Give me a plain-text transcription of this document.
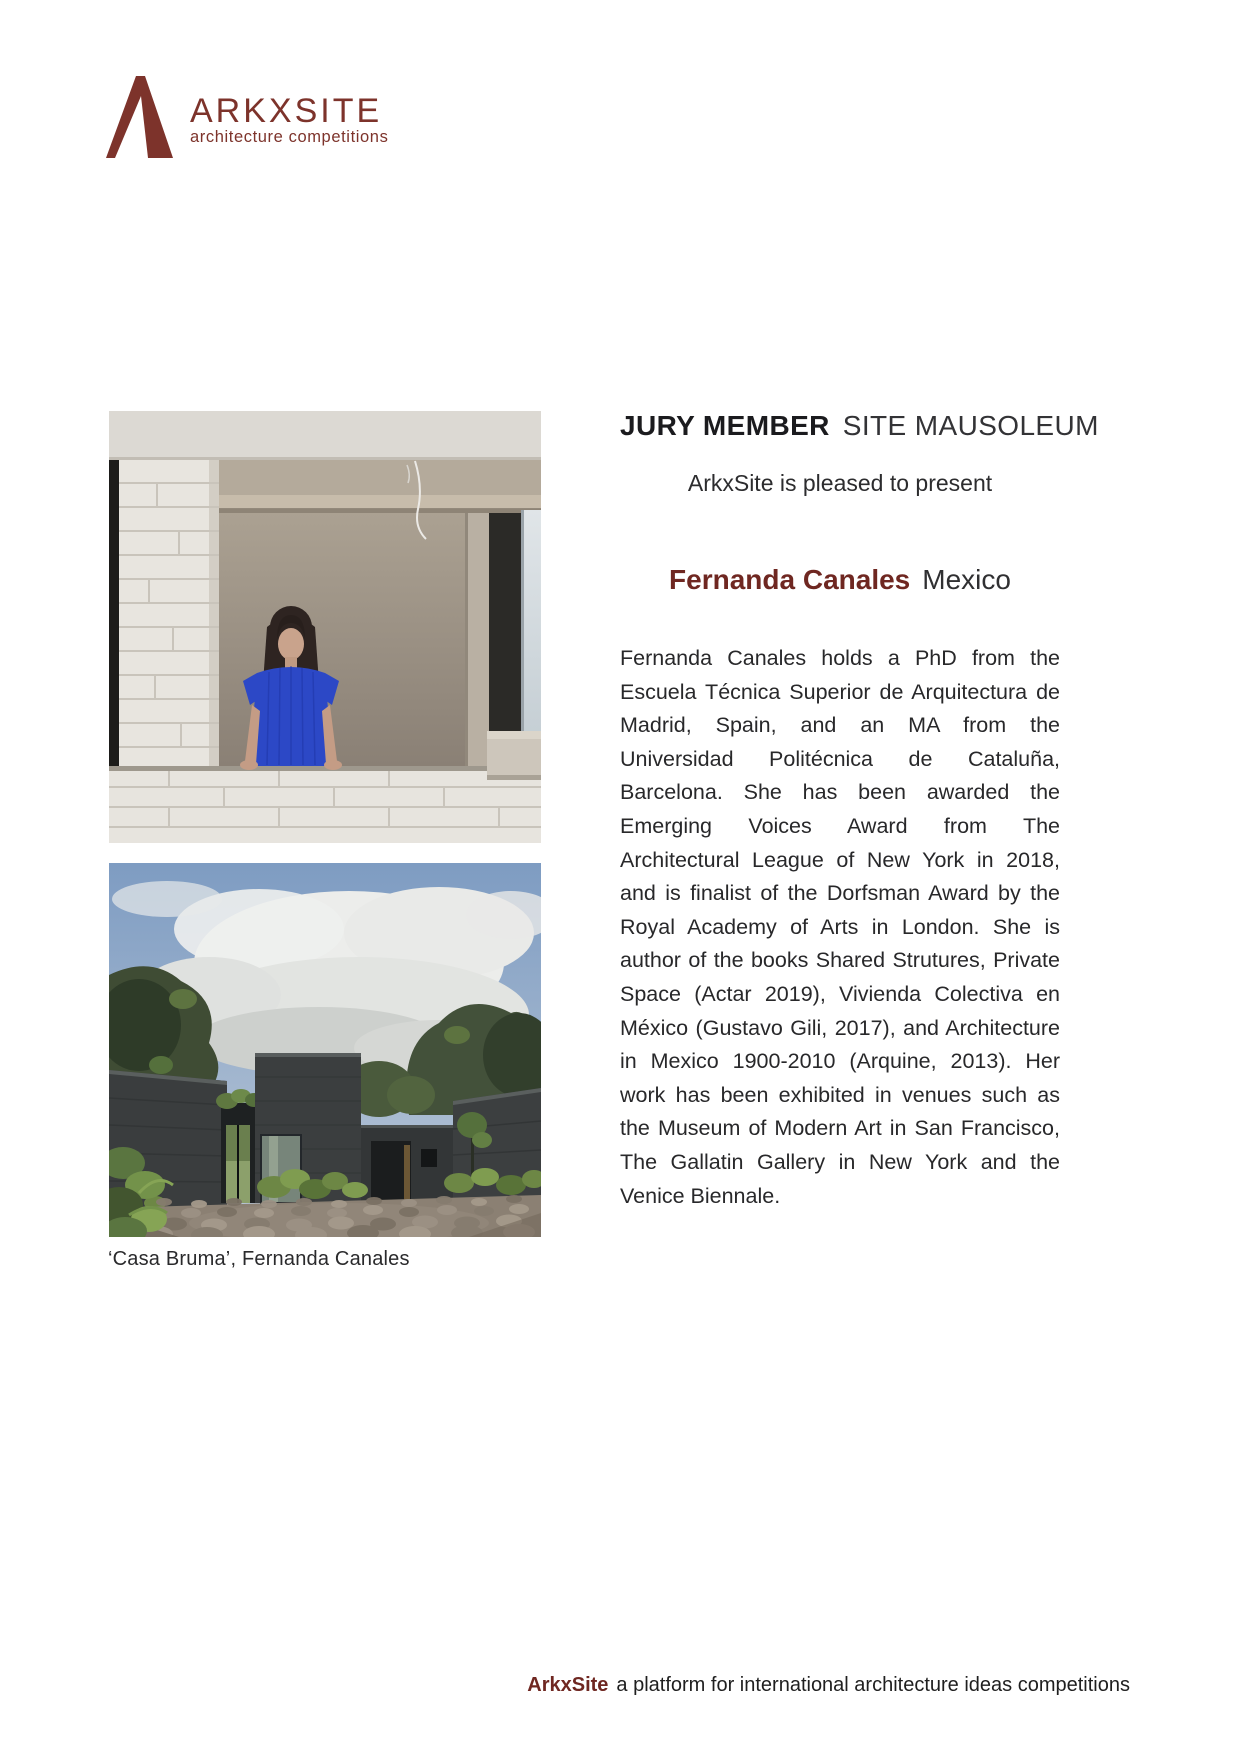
ARKXSITE
architecture competitions
‘Casa Bruma’, Fernanda Canales
JURY MEMBER SITE MAUSOLEUM
ArkxSite is pleased to present
Fernanda Canales Mexico
Fernanda Canales holds a PhD from the Escuela Técnica Superior de Arquitectura de Madrid, Spain, and an MA from the Universidad Politécnica de Cataluña, Barcelona. She has been awarded the Emerging Voices Award from The Architectural League of New York in 2018, and is finalist of the Dorfsman Award by the Royal Academy of Arts in London. She is author of the books Shared Strutures, Private Space (Actar 2019), Vivienda Colectiva en México (Gustavo Gili, 2017), and Architecture in Mexico 1900-2010 (Arquine, 2013). Her work has been exhibited in venues such as the Museum of Modern Art in San Francisco, The Gallatin Gallery in New York and the Venice Biennale.
ArkxSite a platform for international architecture ideas competitions
